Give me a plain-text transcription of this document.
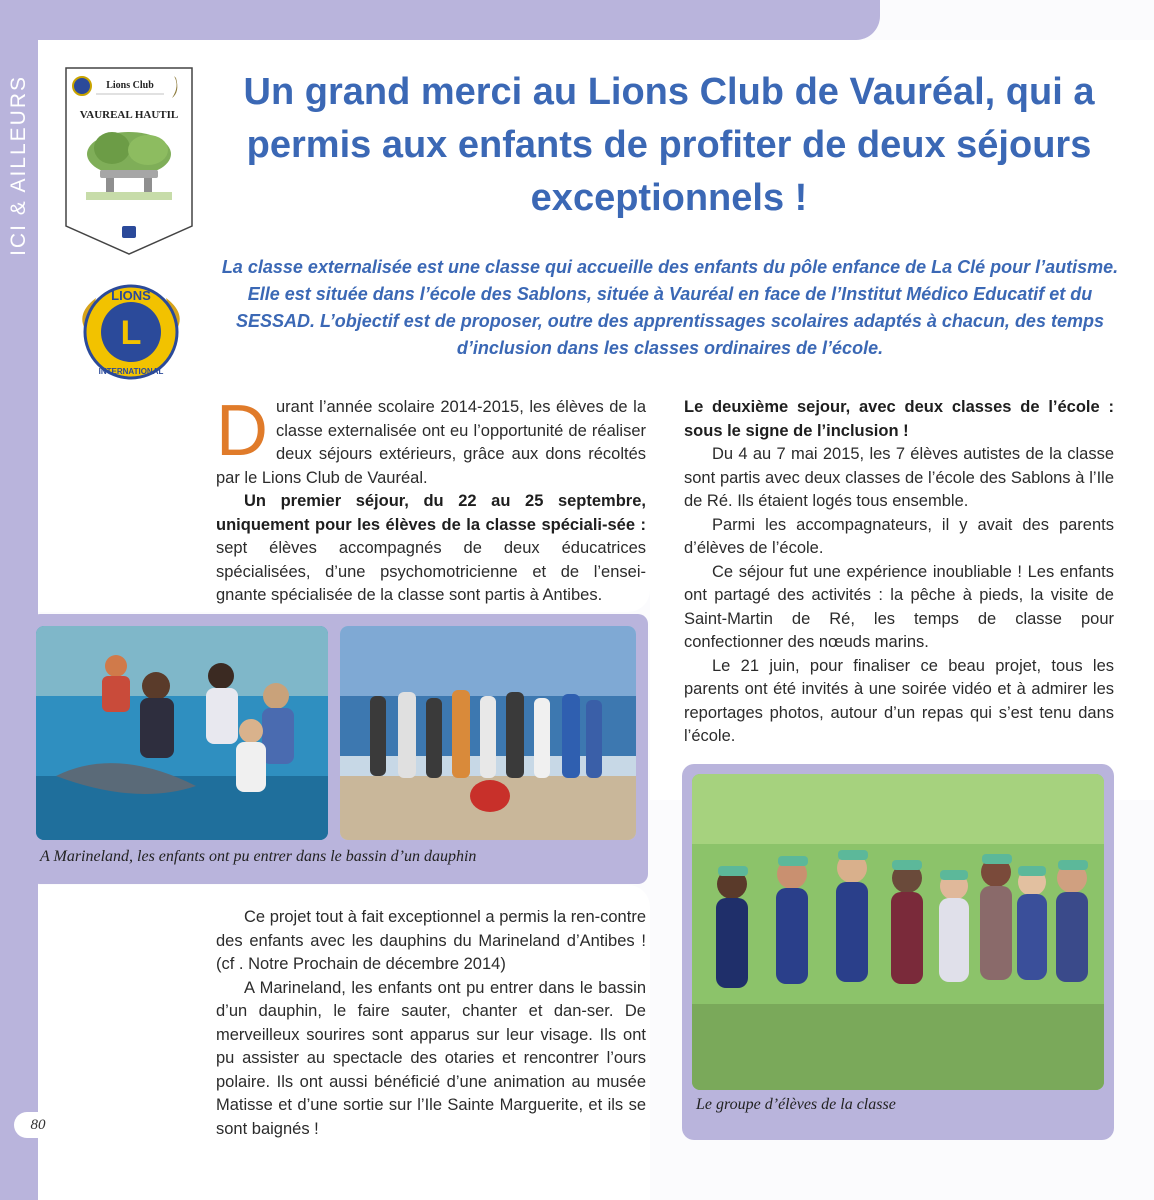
ICI & AILLEURS	Lions Club
VAUREAL HAUTIL
L
LIONS
INTERNATIONAL
Un grand merci au Lions Club de Vauréal, qui a permis aux enfants de profiter de deux séjours exceptionnels !

La classe externalisée est une classe qui accueille des enfants du pôle enfance de La Clé pour l’autisme. Elle est située dans l’école des Sablons, située à Vauréal en face de l’Institut Médico Educatif et du SESSAD. L’objectif est de proposer, outre des apprentissages scolaires adaptés à chacun, des temps d’inclusion dans les classes ordinaires de l’école.

Durant l’année scolaire 2014-2015, les élèves de la classe externalisée ont eu l’opportunité de réaliser deux séjours extérieurs, grâce aux dons récoltés par le Lions Club de Vauréal.

Un premier séjour, du 22 au 25 septembre, uniquement pour les élèves de la classe spéciali-sée : sept élèves accompagnés de deux éducatrices spécialisées, d’une psychomotricienne et de l’ensei-gnante spécialisée de la classe sont partis à Antibes.

A Marineland, les enfants ont pu entrer dans le bassin d’un dauphin

Ce projet tout à fait exceptionnel a permis la ren-contre des enfants avec les dauphins du Marineland d’Antibes ! (cf . Notre Prochain de décembre 2014)

A Marineland, les enfants ont pu entrer dans le bassin d’un dauphin, le faire sauter, chanter et dan-ser. De merveilleux sourires sont apparus sur leur visage. Ils ont pu assister au spectacle des otaries et rencontrer l’ours polaire. Ils ont aussi bénéficié d’une animation au musée Matisse et d’une sortie sur l’Ile Sainte Marguerite, et ils se sont baignés !

Le deuxième sejour, avec deux classes de l’école : sous le signe de l’inclusion !

Du 4 au 7 mai 2015, les 7 élèves autistes de la classe sont partis avec deux classes de l’école des Sablons à l’Ile de Ré. Ils étaient logés tous ensemble.

Parmi les accompagnateurs, il y avait des parents d’élèves de l’école.

Ce séjour fut une expérience inoubliable ! Les enfants ont partagé des activités : la pêche à pieds, la visite de Saint-Martin de Ré, les temps de classe pour confectionner des nœuds marins.

Le 21 juin, pour finaliser ce beau projet, tous les parents ont été invités à une soirée vidéo et à admirer les reportages photos, autour d’un repas qui s’est tenu dans l’école.

Le groupe d’élèves de la classe

80
